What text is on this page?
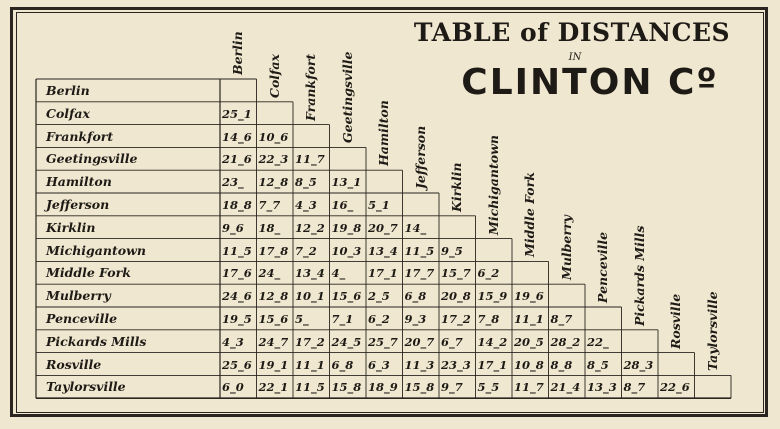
TABLE of DISTANCES
IN
CLINTON Cº
Berlin
Colfax
Frankfort
Geetingsville
Hamilton
Jefferson
Kirklin
Michigantown
Middle Fork
Mulberry
Penceville
Pickards Mills
Rosville
Taylorsville
Berlin
Colfax Frankfort Geetingsville Hamilton Jefferson Kirklin Michigantown Middle Fork Mulberry Penceville Pickards Mills Rosville Taylorsville
25_1
14_6 10_6
21_6 22_3 11_7
23_ 12_8 8_5 13_1
18_8 7_7 4_3 16_ 5_1
9_6 18_ 12_2 19_8 20_7 14_
11_5 17_8 7_2 10_3 13_4 11_5 9_5
17_6 24_ 13_4 4_ 17_1 17_7 15_7 6_2
24_6 12_8 10_1 15_6 2_5 6_8 20_8 15_9 19_6
19_5 15_6 5_ 7_1 6_2 9_3 17_2 7_8 11_1 8_7
4_3 24_7 17_2 24_5 25_7 20_7 6_7 14_2 20_5 28_2 22_
25_6 19_1 11_1 6_8 6_3 11_3 23_3 17_1 10_8 8_8 8_5 28_3
6_0 22_1 11_5 15_8 18_9 15_8 9_7 5_5 11_7 21_4 13_3 8_7 22_6
